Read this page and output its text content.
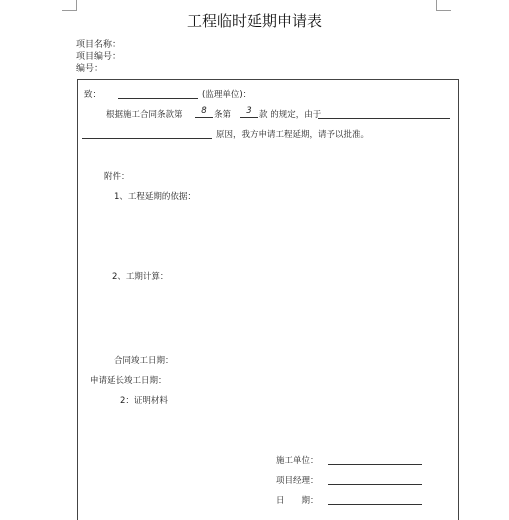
工程临时延期申请表
项目名称：
项目编号：
编号：
致：	(监理单位)：
根据施工合同条款第	8 条第	3 款 的规定，由于
原因，我方申请工程延期，请予以批准。
附件：
1、工程延期的依据：
2、工期计算：
合同竣工日期：
申请延长竣工日期：
2：证明材料
施工单位：
项目经理：
日　　期：
